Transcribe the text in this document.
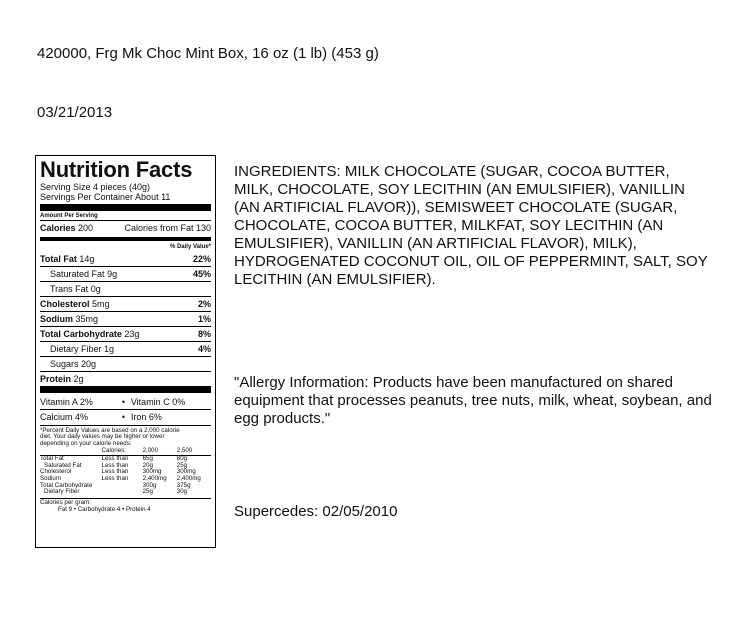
420000, Frg Mk Choc Mint Box, 16 oz (1 lb) (453 g)
03/21/2013
Nutrition Facts
Serving Size 4 pieces (40g)
Servings Per Container About 11
Amount Per Serving
Calories 200	Calories from Fat 130
% Daily Value*
Total Fat 14g	22%
Saturated Fat 9g	45%
Trans Fat 0g
Cholesterol 5mg	2%
Sodium 35mg	1%
Total Carbohydrate 23g	8%
Dietary Fiber 1g	4%
Sugars 20g
Protein 2g
Vitamin A 2%	• Vitamin C 0%
Calcium 4%	• Iron 6%
*Percent Daily Values are based on a 2,000 calorie
diet. Your daily values may be higher or lower
depending on your calorie needs:
	Calories:	2,000	2,500
Total Fat	Less than	65g	80g
Saturated Fat	Less than	20g	25g
Cholesterol	Less than	300mg	300mg
Sodium	Less than	2,400mg	2,400mg
Total Carbohydrate		300g	375g
Dietary Fiber		25g	30g
Calories per gram:
Fat 9 • Carbohydrate 4 • Protein 4
INGREDIENTS: MILK CHOCOLATE (SUGAR, COCOA BUTTER, MILK, CHOCOLATE, SOY LECITHIN (AN EMULSIFIER), VANILLIN (AN ARTIFICIAL FLAVOR)), SEMISWEET CHOCOLATE (SUGAR, CHOCOLATE, COCOA BUTTER, MILKFAT, SOY LECITHIN (AN EMULSIFIER), VANILLIN (AN ARTIFICIAL FLAVOR), MILK), HYDROGENATED COCONUT OIL, OIL OF PEPPERMINT, SALT, SOY LECITHIN (AN EMULSIFIER).
"Allergy Information: Products have been manufactured on shared equipment that processes peanuts, tree nuts, milk, wheat, soybean, and egg products."
Supercedes: 02/05/2010
